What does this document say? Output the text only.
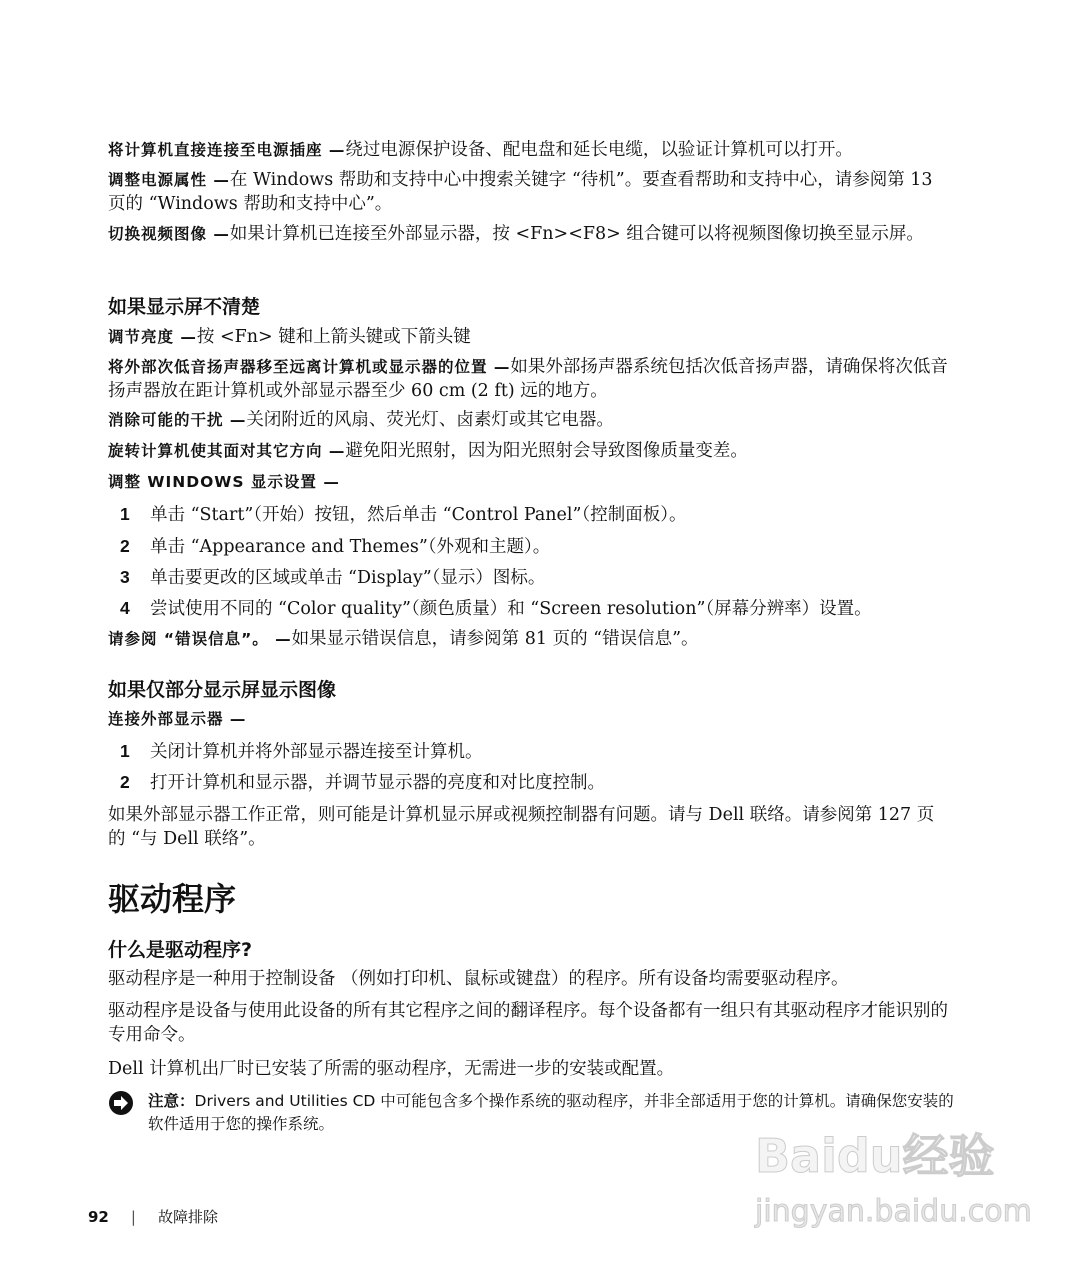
将计算机直接连接至电源插座 —绕过电源保护设备、配电盘和延长电缆，以验证计算机可以打开。
调整电源属性 —在 Windows 帮助和支持中心中搜索关键字 “待机”。要查看帮助和支持中心，请参阅第 13 页的 “Windows 帮助和支持中心”。
切换视频图像 —如果计算机已连接至外部显示器，按 <Fn><F8> 组合键可以将视频图像切换至显示屏。
如果显示屏不清楚
调节亮度 —按 <Fn> 键和上箭头键或下箭头键
将外部次低音扬声器移至远离计算机或显示器的位置 —如果外部扬声器系统包括次低音扬声器，请确保将次低音扬声器放在距计算机或外部显示器至少 60 cm (2 ft) 远的地方。
消除可能的干扰 —关闭附近的风扇、荧光灯、卤素灯或其它电器。
旋转计算机使其面对其它方向 —避免阳光照射，因为阳光照射会导致图像质量变差。
调整 WINDOWS 显示设置 —
1 单击 “Start”（开始）按钮，然后单击 “Control Panel”（控制面板）。
2 单击 “Appearance and Themes”（外观和主题）。
3 单击要更改的区域或单击 “Display”（显示）图标。
4 尝试使用不同的 “Color quality”（颜色质量）和 “Screen resolution”（屏幕分辨率）设置。
请参阅 “错误信息”。 —如果显示错误信息，请参阅第 81 页的 “错误信息”。
如果仅部分显示屏显示图像
连接外部显示器 —
1 关闭计算机并将外部显示器连接至计算机。
2 打开计算机和显示器，并调节显示器的亮度和对比度控制。
如果外部显示器工作正常，则可能是计算机显示屏或视频控制器有问题。请与 Dell 联络。请参阅第 127 页的 “与 Dell 联络”。
驱动程序
什么是驱动程序?
驱动程序是一种用于控制设备 （例如打印机、鼠标或键盘）的程序。所有设备均需要驱动程序。
驱动程序是设备与使用此设备的所有其它程序之间的翻译程序。每个设备都有一组只有其驱动程序才能识别的专用命令。
Dell 计算机出厂时已安装了所需的驱动程序，无需进一步的安装或配置。
注意：Drivers and Utilities CD 中可能包含多个操作系统的驱动程序，并非全部适用于您的计算机。请确保您安装的软件适用于您的操作系统。
92 | 故障排除
Baidu经验
jingyan.baidu.com
